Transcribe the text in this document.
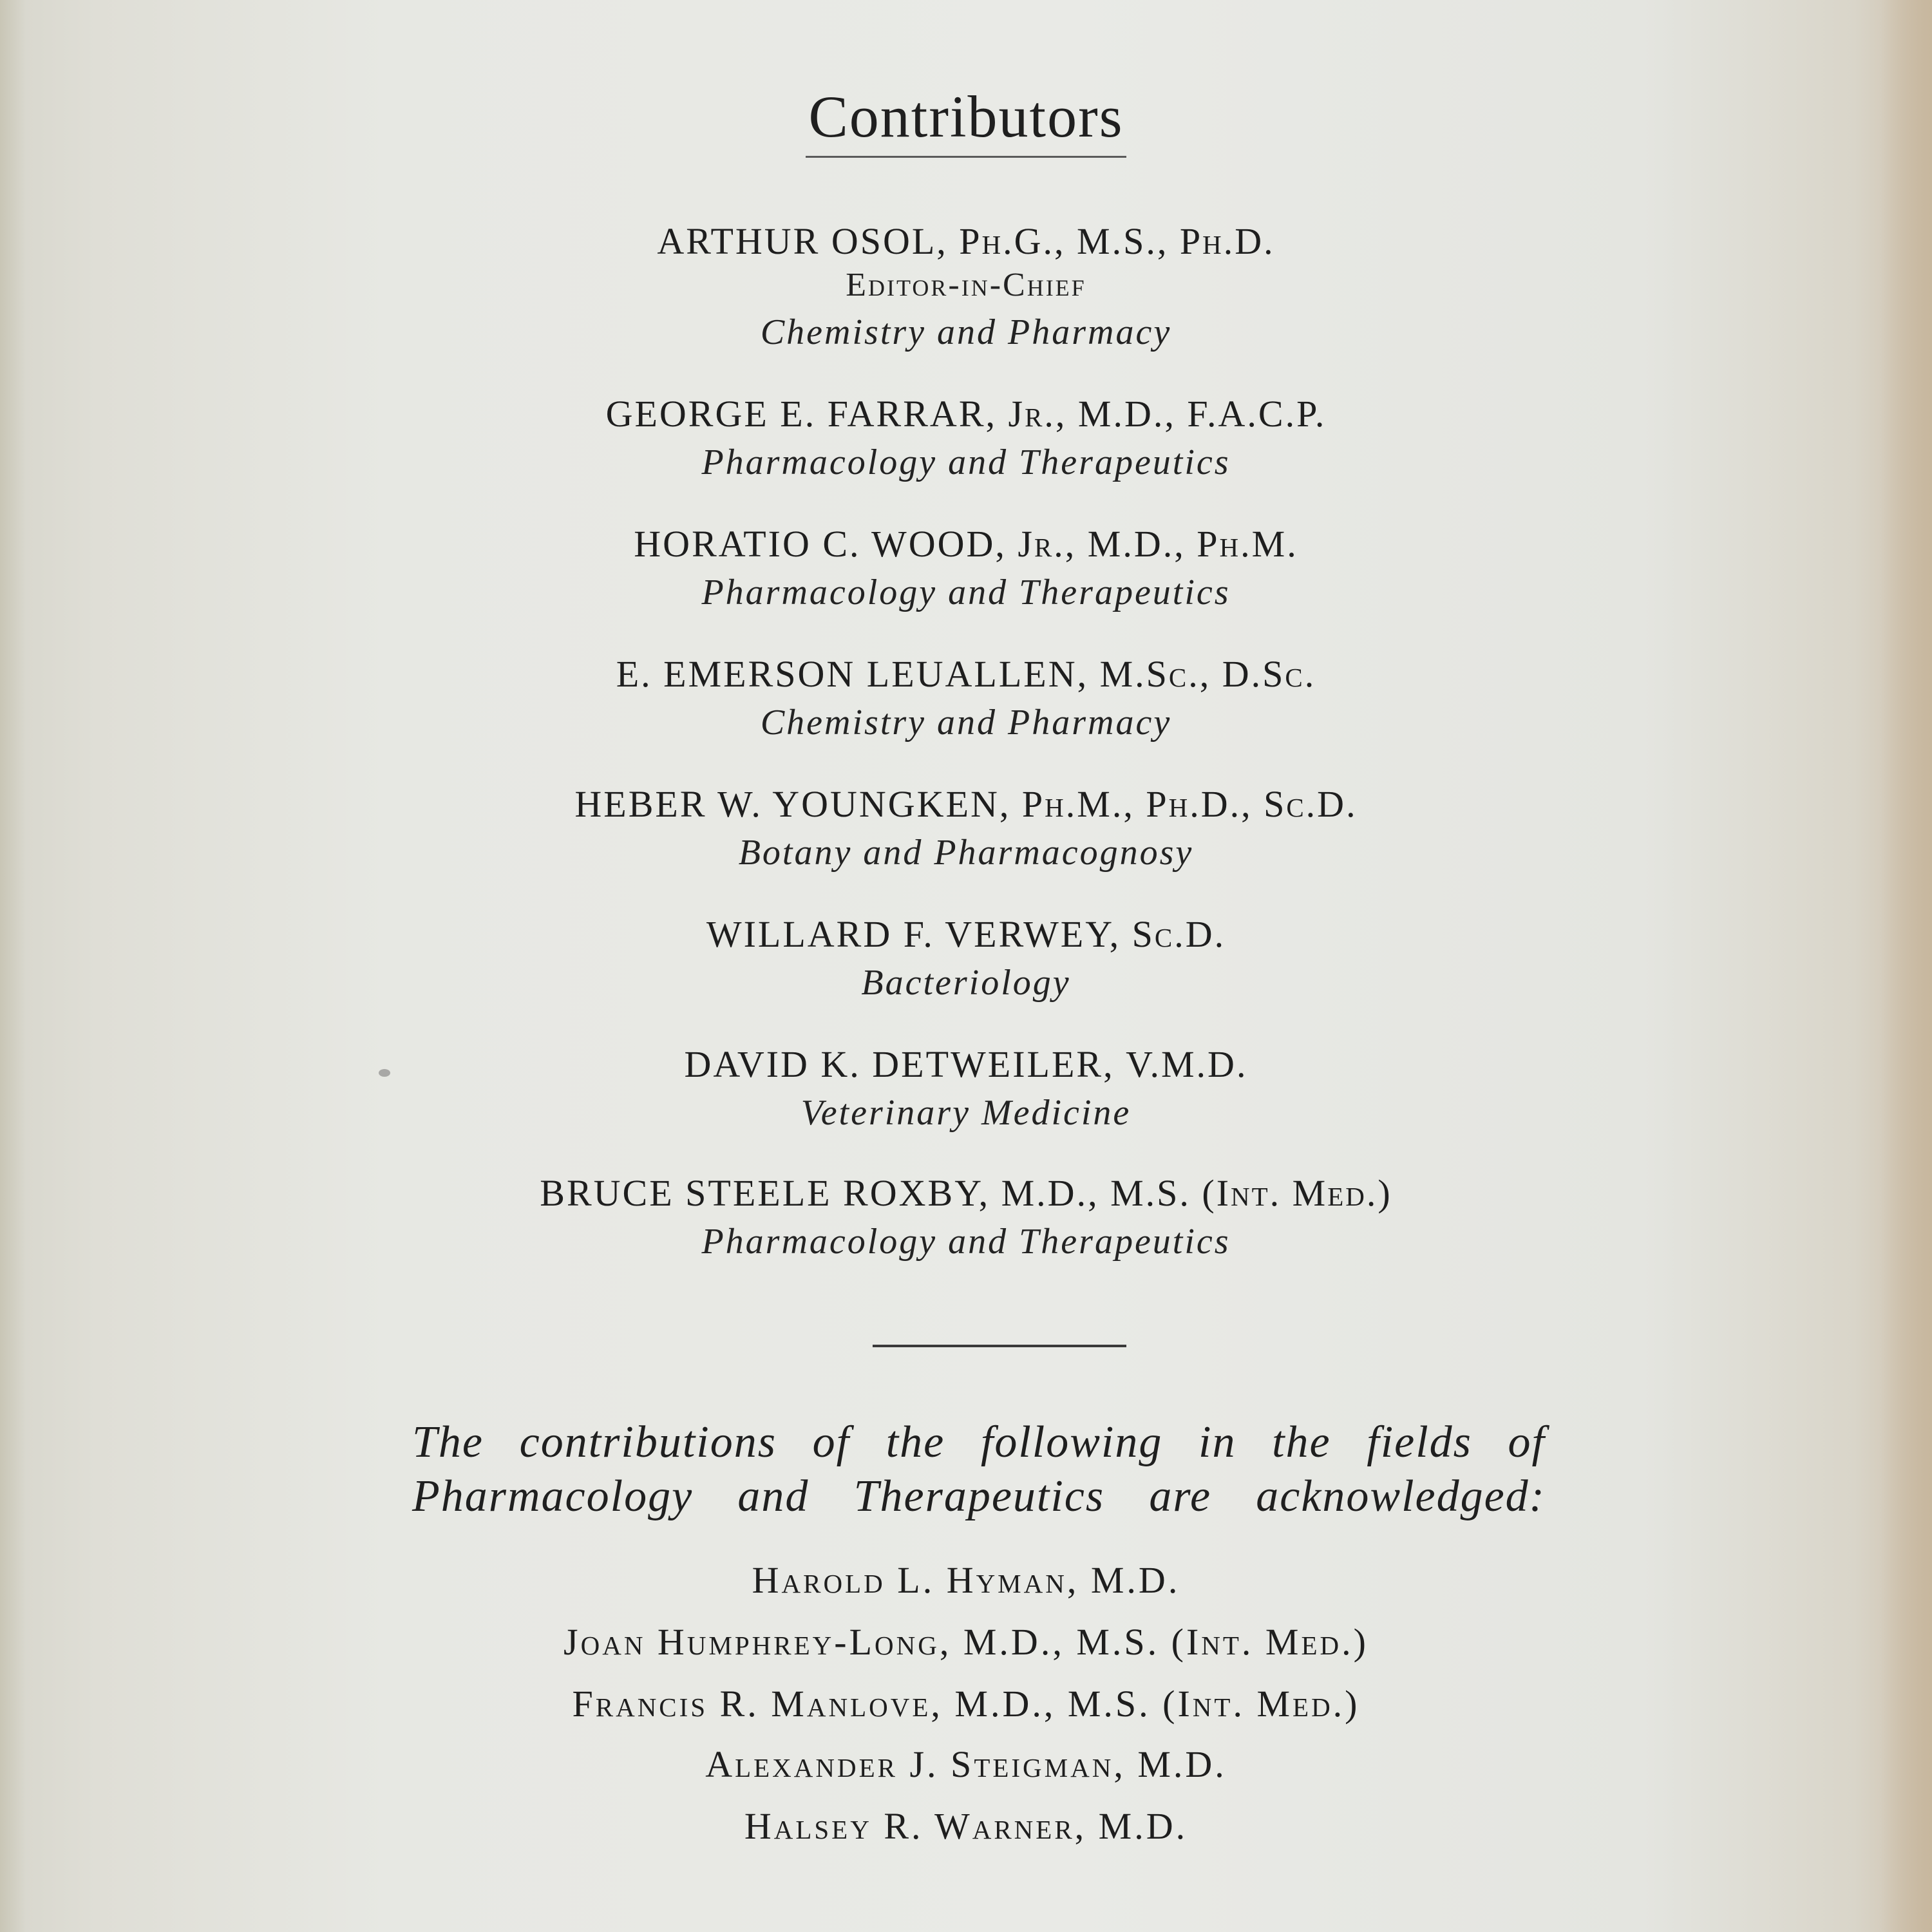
Contributors
ARTHUR OSOL, Ph.G., M.S., Ph.D.
Editor-in-Chief
Chemistry and Pharmacy
GEORGE E. FARRAR, Jr., M.D., F.A.C.P.
Pharmacology and Therapeutics
HORATIO C. WOOD, Jr., M.D., Ph.M.
Pharmacology and Therapeutics
E. EMERSON LEUALLEN, M.Sc., D.Sc.
Chemistry and Pharmacy
HEBER W. YOUNGKEN, Ph.M., Ph.D., Sc.D.
Botany and Pharmacognosy
WILLARD F. VERWEY, Sc.D.
Bacteriology
DAVID K. DETWEILER, V.M.D.
Veterinary Medicine
BRUCE STEELE ROXBY, M.D., M.S. (Int. Med.)
Pharmacology and Therapeutics
The contributions of the following in the fields of
Pharmacology and Therapeutics are acknowledged:
Harold L. Hyman, M.D.
Joan Humphrey-Long, M.D., M.S. (Int. Med.)
Francis R. Manlove, M.D., M.S. (Int. Med.)
Alexander J. Steigman, M.D.
Halsey R. Warner, M.D.
